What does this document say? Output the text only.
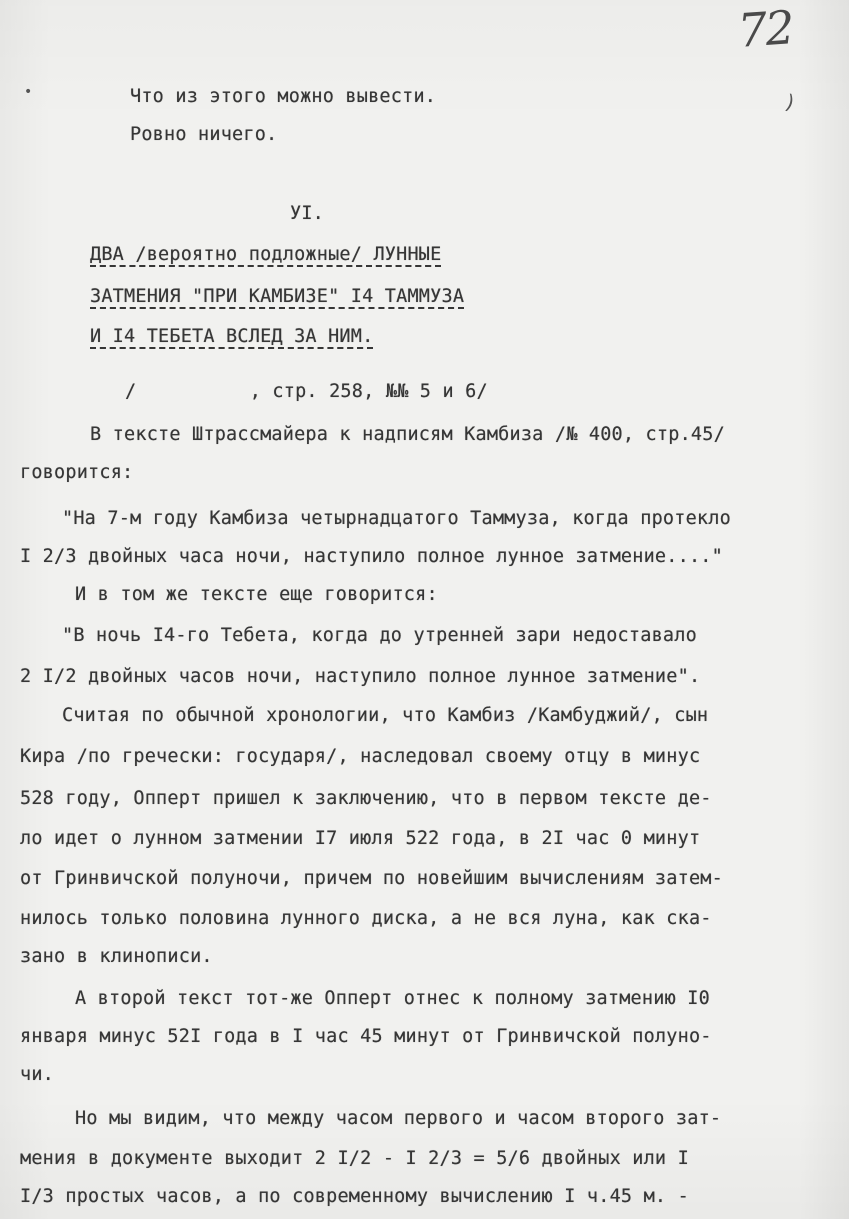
72
•	)
Что из этого можно вывести.
Ровно ничего.
УI.
ДВА /вероятно подложные/ ЛУННЫЕ
ЗАТМЕНИЯ "ПРИ КАМБИЗЕ" I4 ТАММУЗА
И I4 ТЕБЕТА ВСЛЕД ЗА НИМ.
/          , стр. 258, №№ 5 и 6/
В тексте Штрассмайера к надписям Камбиза /№ 400, стр.45/
говорится:
"На 7-м году Камбиза четырнадцатого Таммуза, когда протекло
I 2/3 двойных часа ночи, наступило полное лунное затмение...."
И в том же тексте еще говорится:
"В ночь I4-го Тебета, когда до утренней зари недоставало
2 I/2 двойных часов ночи, наступило полное лунное затмение".
Считая по обычной хронологии, что Камбиз /Камбуджий/, сын
Кира /по гречески: государя/, наследовал своему отцу в минус
528 году, Опперт пришел к заключению, что в первом тексте де-
ло идет о лунном затмении I7 июля 522 года, в 2I час 0 минут
от Гринвичской полуночи, причем по новейшим вычислениям затем-
нилось только половина лунного диска, а не вся луна, как ска-
зано в клинописи.
А второй текст тот-же Опперт отнес к полному затмению I0
января минус 52I года в I час 45 минут от Гринвичской полуно-
чи.
Но мы видим, что между часом первого и часом второго зат-
мения в документе выходит 2 I/2 - I 2/3 = 5/6 двойных или I
I/3 простых часов, а по современному вычислению I ч.45 м. -
